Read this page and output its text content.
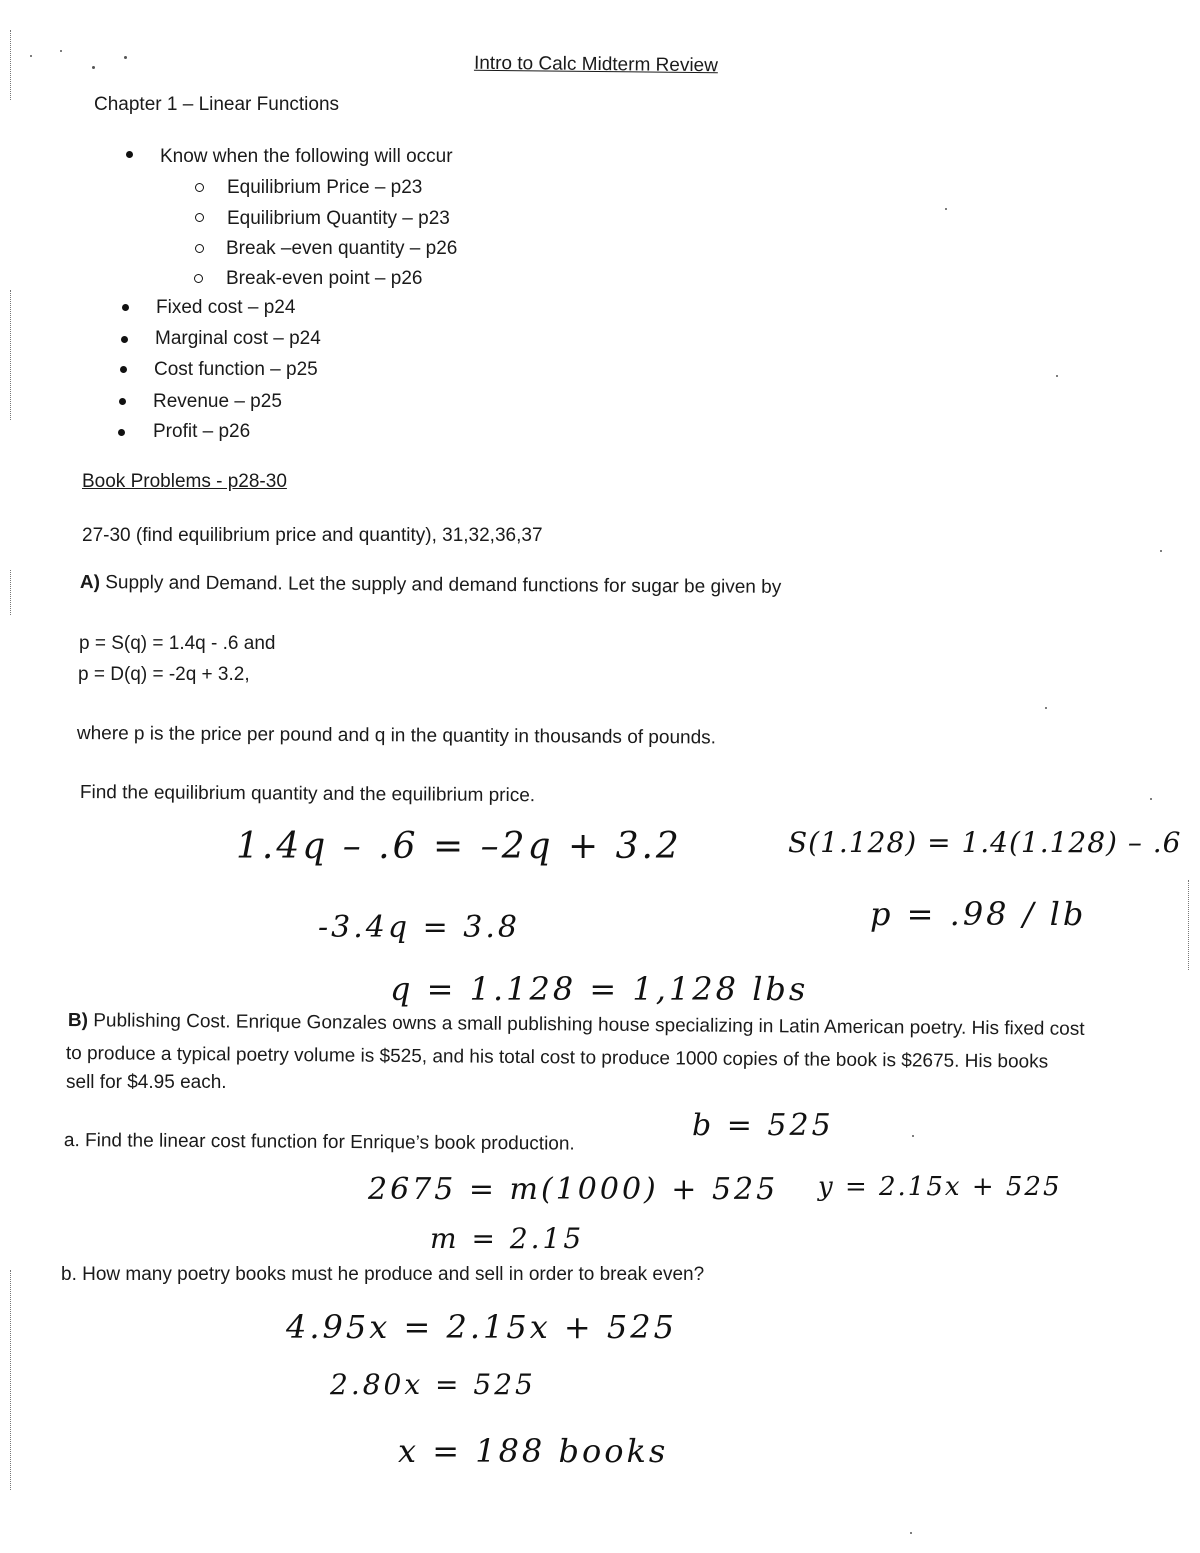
Intro to Calc Midterm Review
Chapter 1 – Linear Functions
Know when the following will occur
Equilibrium Price – p23
Equilibrium Quantity – p23
Break –even quantity – p26
Break-even point – p26
Fixed cost – p24
Marginal cost – p24
Cost function – p25
Revenue – p25
Profit – p26
Book Problems - p28-30
27-30 (find equilibrium price and quantity), 31,32,36,37
A) Supply and Demand. Let the supply and demand functions for sugar be given by
p = S(q) = 1.4q - .6 and
p = D(q) = -2q + 3.2,
where p is the price per pound and q in the quantity in thousands of pounds.
Find the equilibrium quantity and the equilibrium price.
1.4q – .6 = –2q + 3.2
-3.4q = 3.8
q = 1.128 = 1,128 lbs
S(1.128) = 1.4(1.128) – .6
p = .98 / lb
B) Publishing Cost. Enrique Gonzales owns a small publishing house specializing in Latin American poetry. His fixed cost
to produce a typical poetry volume is $525, and his total cost to produce 1000 copies of the book is $2675. His books
sell for $4.95 each.
b = 525
a. Find the linear cost function for Enrique’s book production.
2675 = m(1000) + 525 y = 2.15x + 525
m = 2.15
b. How many poetry books must he produce and sell in order to break even?
4.95x = 2.15x + 525
2.80x = 525
x = 188 books
